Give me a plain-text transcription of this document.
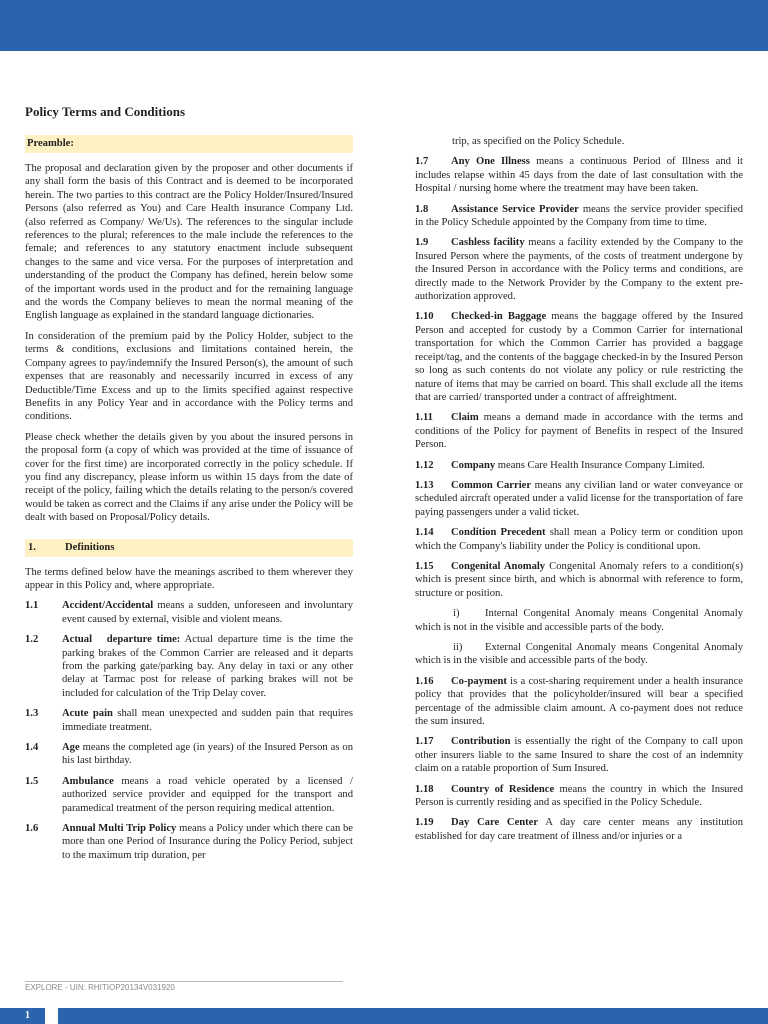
Policy Terms and Conditions
Preamble:

The proposal and declaration given by the proposer and other documents if any shall form the basis of this Contract and is deemed to be incorporated herein. The two parties to this contract are the Policy Holder/Insured/Insured Persons (also referred as You) and Care Health insurance Company Ltd. (also referred as Company/ We/Us). The references to the singular include references to the plural; references to the male include the references to the female; and references to any statutory enactment include subsequent changes to the same and vice versa. For the purposes of interpretation and understanding of the product the Company has defined, herein below some of the important words used in the product and for the remaining language and the words the Company believes to mean the normal meaning of the English language as explained in the standard language dictionaries.

In consideration of the premium paid by the Policy Holder, subject to the terms & conditions, exclusions and limitations contained herein, the Company agrees to pay/indemnify the Insured Person(s), the amount of such expenses that are reasonably and necessarily incurred in excess of any Deductible/Time Excess and up to the limits specified against respective Benefits in any Policy Year and in accordance with the Policy terms and conditions.

Please check whether the details given by you about the insured persons in the proposal form (a copy of which was provided at the time of issuance of cover for the first time) are incorporated correctly in the policy schedule. If you find any discrepancy, please inform us within 15 days from the date of receipt of the policy, failing which the details relating to the person/s covered would be taken as correct and the Claims if any arise under the Policy will be dealt with based on Proposal/Policy details.

1.	Definitions

The terms defined below have the meanings ascribed to them wherever they appear in this Policy and, where appropriate.

1.1	Accident/Accidental means a sudden, unforeseen and involuntary event caused by external, visible and violent means.
1.2	Actual   departure time: Actual departure time is the time the parking brakes of the Common Carrier are released and it departs from the parking gate/parking bay. Any delay in taxi or any other delay at Tarmac post for release of parking brakes will not be included for calculation of the Trip Delay cover.
1.3	Acute pain shall mean unexpected and sudden pain that requires immediate treatment.
1.4	Age means the completed age (in years) of the Insured Person as on his last birthday.
1.5	Ambulance means a road vehicle operated by a licensed / authorized service provider and equipped for the transport and paramedical treatment of the person requiring medical attention.
1.6	Annual Multi Trip Policy means a Policy under which there can be more than one Period of Insurance during the Policy Period, subject to the maximum trip duration, per

trip, as specified on the Policy Schedule.

1.7 Any One Illness means a continuous Period of Illness and it includes relapse within 45 days from the date of last consultation with the Hospital / nursing home where the treatment may have been taken.

1.8 Assistance Service Provider means the service provider specified in the Policy Schedule appointed by the Company from time to time.

1.9 Cashless facility means a facility extended by the Company to the Insured Person where the payments, of the costs of treatment undergone by the Insured Person in accordance with the Policy terms and conditions, are directly made to the Network Provider by the Company to the extent pre-authorization approved.

1.10 Checked-in Baggage means the baggage offered by the Insured Person and accepted for custody by a Common Carrier for international transportation for which the Common Carrier has provided a baggage receipt/tag, and the contents of the baggage checked-in by the Insured Person so long as such contents do not violate any policy or rule restricting the nature of items that may be carried on board. This shall exclude all the items that are carried/ transported under a contract of affreightment.

1.11 Claim means a demand made in accordance with the terms and conditions of the Policy for payment of Benefits in respect of the Insured Person.

1.12 Company means Care Health Insurance Company Limited.

1.13 Common Carrier means any civilian land or water conveyance or scheduled aircraft operated under a valid license for the transportation of fare paying passengers under a valid ticket.

1.14 Condition Precedent shall mean a Policy term or condition upon which the Company's liability under the Policy is conditional upon.

1.15 Congenital Anomaly Congenital Anomaly refers to a condition(s) which is present since birth, and which is abnormal with reference to form, structure or position.

i) Internal Congenital Anomaly means Congenital Anomaly which is not in the visible and accessible parts of the body.

ii) External Congenital Anomaly means Congenital Anomaly which is in the visible and accessible parts of the body.

1.16 Co-payment is a cost-sharing requirement under a health insurance policy that provides that the policyholder/insured will bear a specified percentage of the admissible claim amount. A co-payment does not reduce the sum insured.

1.17 Contribution is essentially the right of the Company to call upon other insurers liable to the same Insured to share the cost of an indemnity claim on a ratable proportion of Sum Insured.

1.18 Country of Residence means the country in which the Insured Person is currently residing and as specified in the Policy Schedule.

1.19 Day Care Center A day care center means any institution established for day care treatment of illness and/or injuries or a

EXPLORE - UIN: RHITIOP20134V031920
1
